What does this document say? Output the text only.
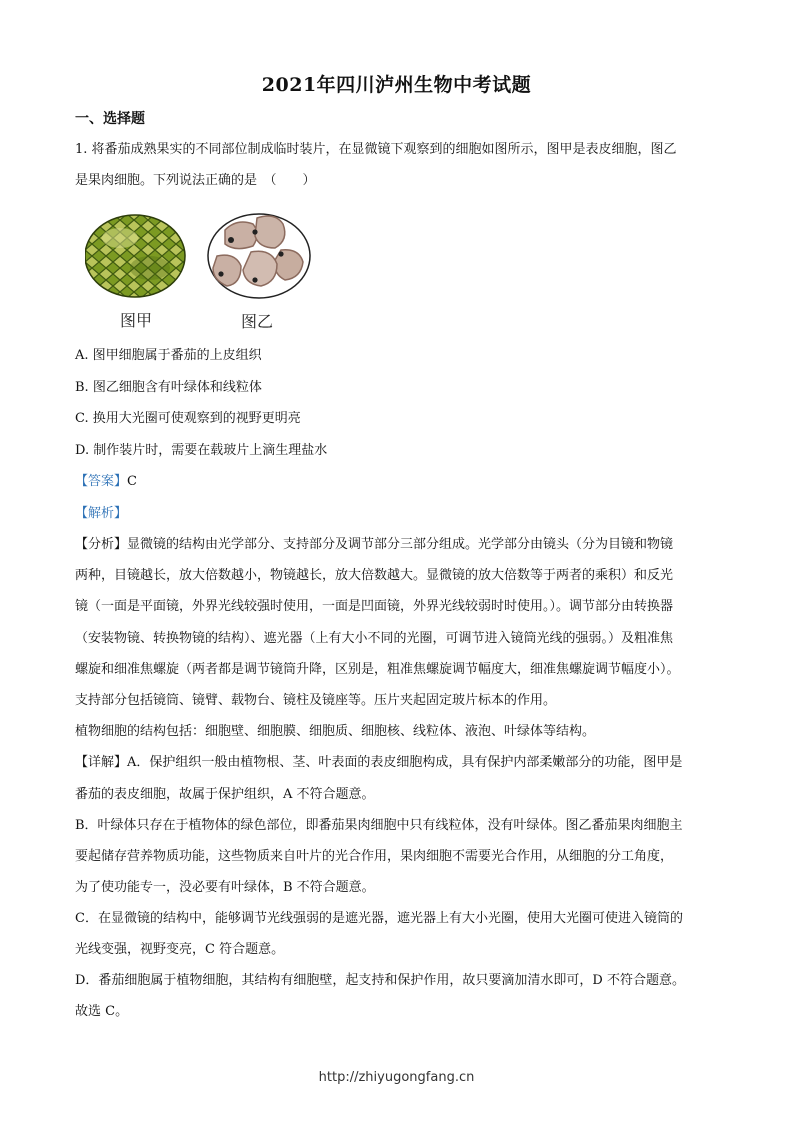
2021年四川泸州生物中考试题
一、选择题
1. 将番茄成熟果实的不同部位制成临时装片，在显微镜下观察到的细胞如图所示，图甲是表皮细胞，图乙
是果肉细胞。下列说法正确的是　（　　）
图甲	图乙
A. 图甲细胞属于番茄的上皮组织
B. 图乙细胞含有叶绿体和线粒体
C. 换用大光圈可使观察到的视野更明亮
D. 制作装片时，需要在载玻片上滴生理盐水
【答案】C
【解析】
【分析】显微镜的结构由光学部分、支持部分及调节部分三部分组成。光学部分由镜头（分为目镜和物镜
两种，目镜越长，放大倍数越小，物镜越长，放大倍数越大。显微镜的放大倍数等于两者的乘积）和反光
镜（一面是平面镜，外界光线较强时使用，一面是凹面镜，外界光线较弱时时使用。）。调节部分由转换器
（安装物镜、转换物镜的结构）、遮光器（上有大小不同的光圈，可调节进入镜筒光线的强弱。）及粗准焦
螺旋和细准焦螺旋（两者都是调节镜筒升降，区别是，粗准焦螺旋调节幅度大，细准焦螺旋调节幅度小）。
支持部分包括镜筒、镜臂、载物台、镜柱及镜座等。压片夹起固定玻片标本的作用。
植物细胞的结构包括：细胞壁、细胞膜、细胞质、细胞核、线粒体、液泡、叶绿体等结构。
【详解】A．保护组织一般由植物根、茎、叶表面的表皮细胞构成，具有保护内部柔嫩部分的功能，图甲是
番茄的表皮细胞，故属于保护组织，A 不符合题意。
B．叶绿体只存在于植物体的绿色部位，即番茄果肉细胞中只有线粒体，没有叶绿体。图乙番茄果肉细胞主
要起储存营养物质功能，这些物质来自叶片的光合作用，果肉细胞不需要光合作用，从细胞的分工角度，
为了使功能专一，没必要有叶绿体，B 不符合题意。
C．在显微镜的结构中，能够调节光线强弱的是遮光器，遮光器上有大小光圈，使用大光圈可使进入镜筒的
光线变强，视野变亮，C 符合题意。
D．番茄细胞属于植物细胞，其结构有细胞壁，起支持和保护作用，故只要滴加清水即可，D 不符合题意。
故选 C。
http://zhiyugongfang.cn
